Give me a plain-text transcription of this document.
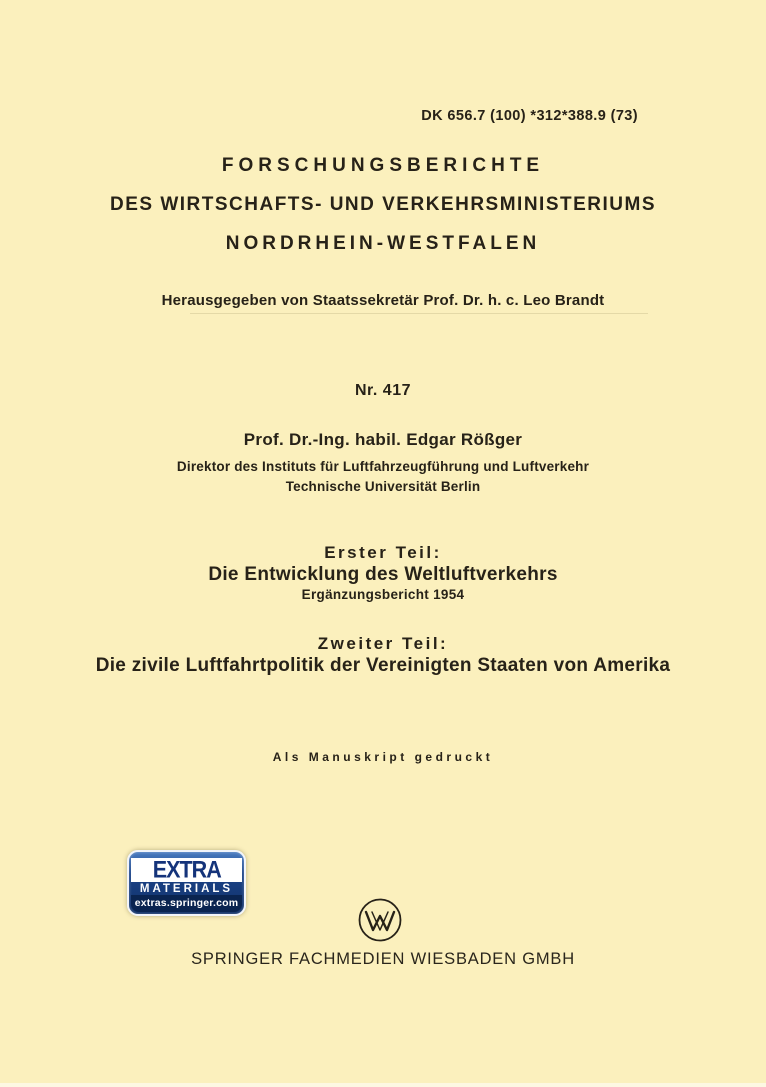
DK 656.7 (100) *312*388.9 (73)
FORSCHUNGSBERICHTE
DES WIRTSCHAFTS- UND VERKEHRSMINISTERIUMS
NORDRHEIN-WESTFALEN
Herausgegeben von Staatssekretär Prof. Dr. h. c. Leo Brandt
Nr. 417
Prof. Dr.-Ing. habil. Edgar Rößger
Direktor des Instituts für Luftfahrzeugführung und Luftverkehr
Technische Universität Berlin
Erster Teil:
Die Entwicklung des Weltluftverkehrs
Ergänzungsbericht 1954
Zweiter Teil:
Die zivile Luftfahrtpolitik der Vereinigten Staaten von Amerika
Als Manuskript gedruckt
EXTRA
MATERIALS
extras.springer.com
SPRINGER FACHMEDIEN WIESBADEN GMBH
